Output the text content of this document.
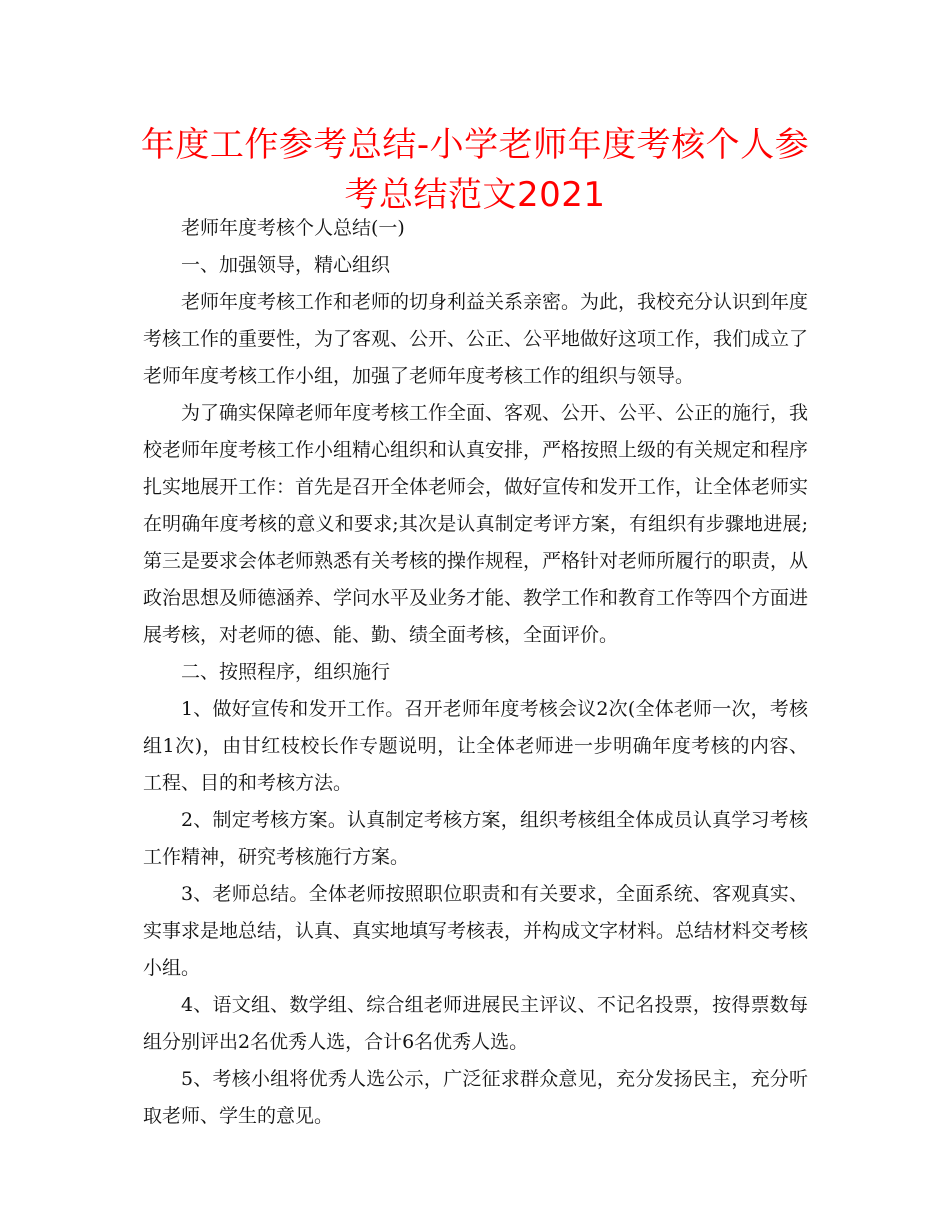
年度工作参考总结-小学老师年度考核个人参考总结范文2021

老师年度考核个人总结(一)

一、加强领导，精心组织

老师年度考核工作和老师的切身利益关系亲密。为此，我校充分认识到年度考核工作的重要性，为了客观、公开、公正、公平地做好这项工作，我们成立了老师年度考核工作小组，加强了老师年度考核工作的组织与领导。

为了确实保障老师年度考核工作全面、客观、公开、公平、公正的施行，我校老师年度考核工作小组精心组织和认真安排，严格按照上级的有关规定和程序扎实地展开工作：首先是召开全体老师会，做好宣传和发开工作，让全体老师实在明确年度考核的意义和要求;其次是认真制定考评方案，有组织有步骤地进展;第三是要求会体老师熟悉有关考核的操作规程，严格针对老师所履行的职责，从政治思想及师德涵养、学问水平及业务才能、教学工作和教育工作等四个方面进展考核，对老师的德、能、勤、绩全面考核，全面评价。

二、按照程序，组织施行

1、做好宣传和发开工作。召开老师年度考核会议2次(全体老师一次，考核组1次)，由甘红枝校长作专题说明，让全体老师进一步明确年度考核的内容、工程、目的和考核方法。

2、制定考核方案。认真制定考核方案，组织考核组全体成员认真学习考核工作精神，研究考核施行方案。

3、老师总结。全体老师按照职位职责和有关要求，全面系统、客观真实、实事求是地总结，认真、真实地填写考核表，并构成文字材料。总结材料交考核小组。

4、语文组、数学组、综合组老师进展民主评议、不记名投票，按得票数每组分别评出2名优秀人选，合计6名优秀人选。

5、考核小组将优秀人选公示，广泛征求群众意见，充分发扬民主，充分听取老师、学生的意见。
